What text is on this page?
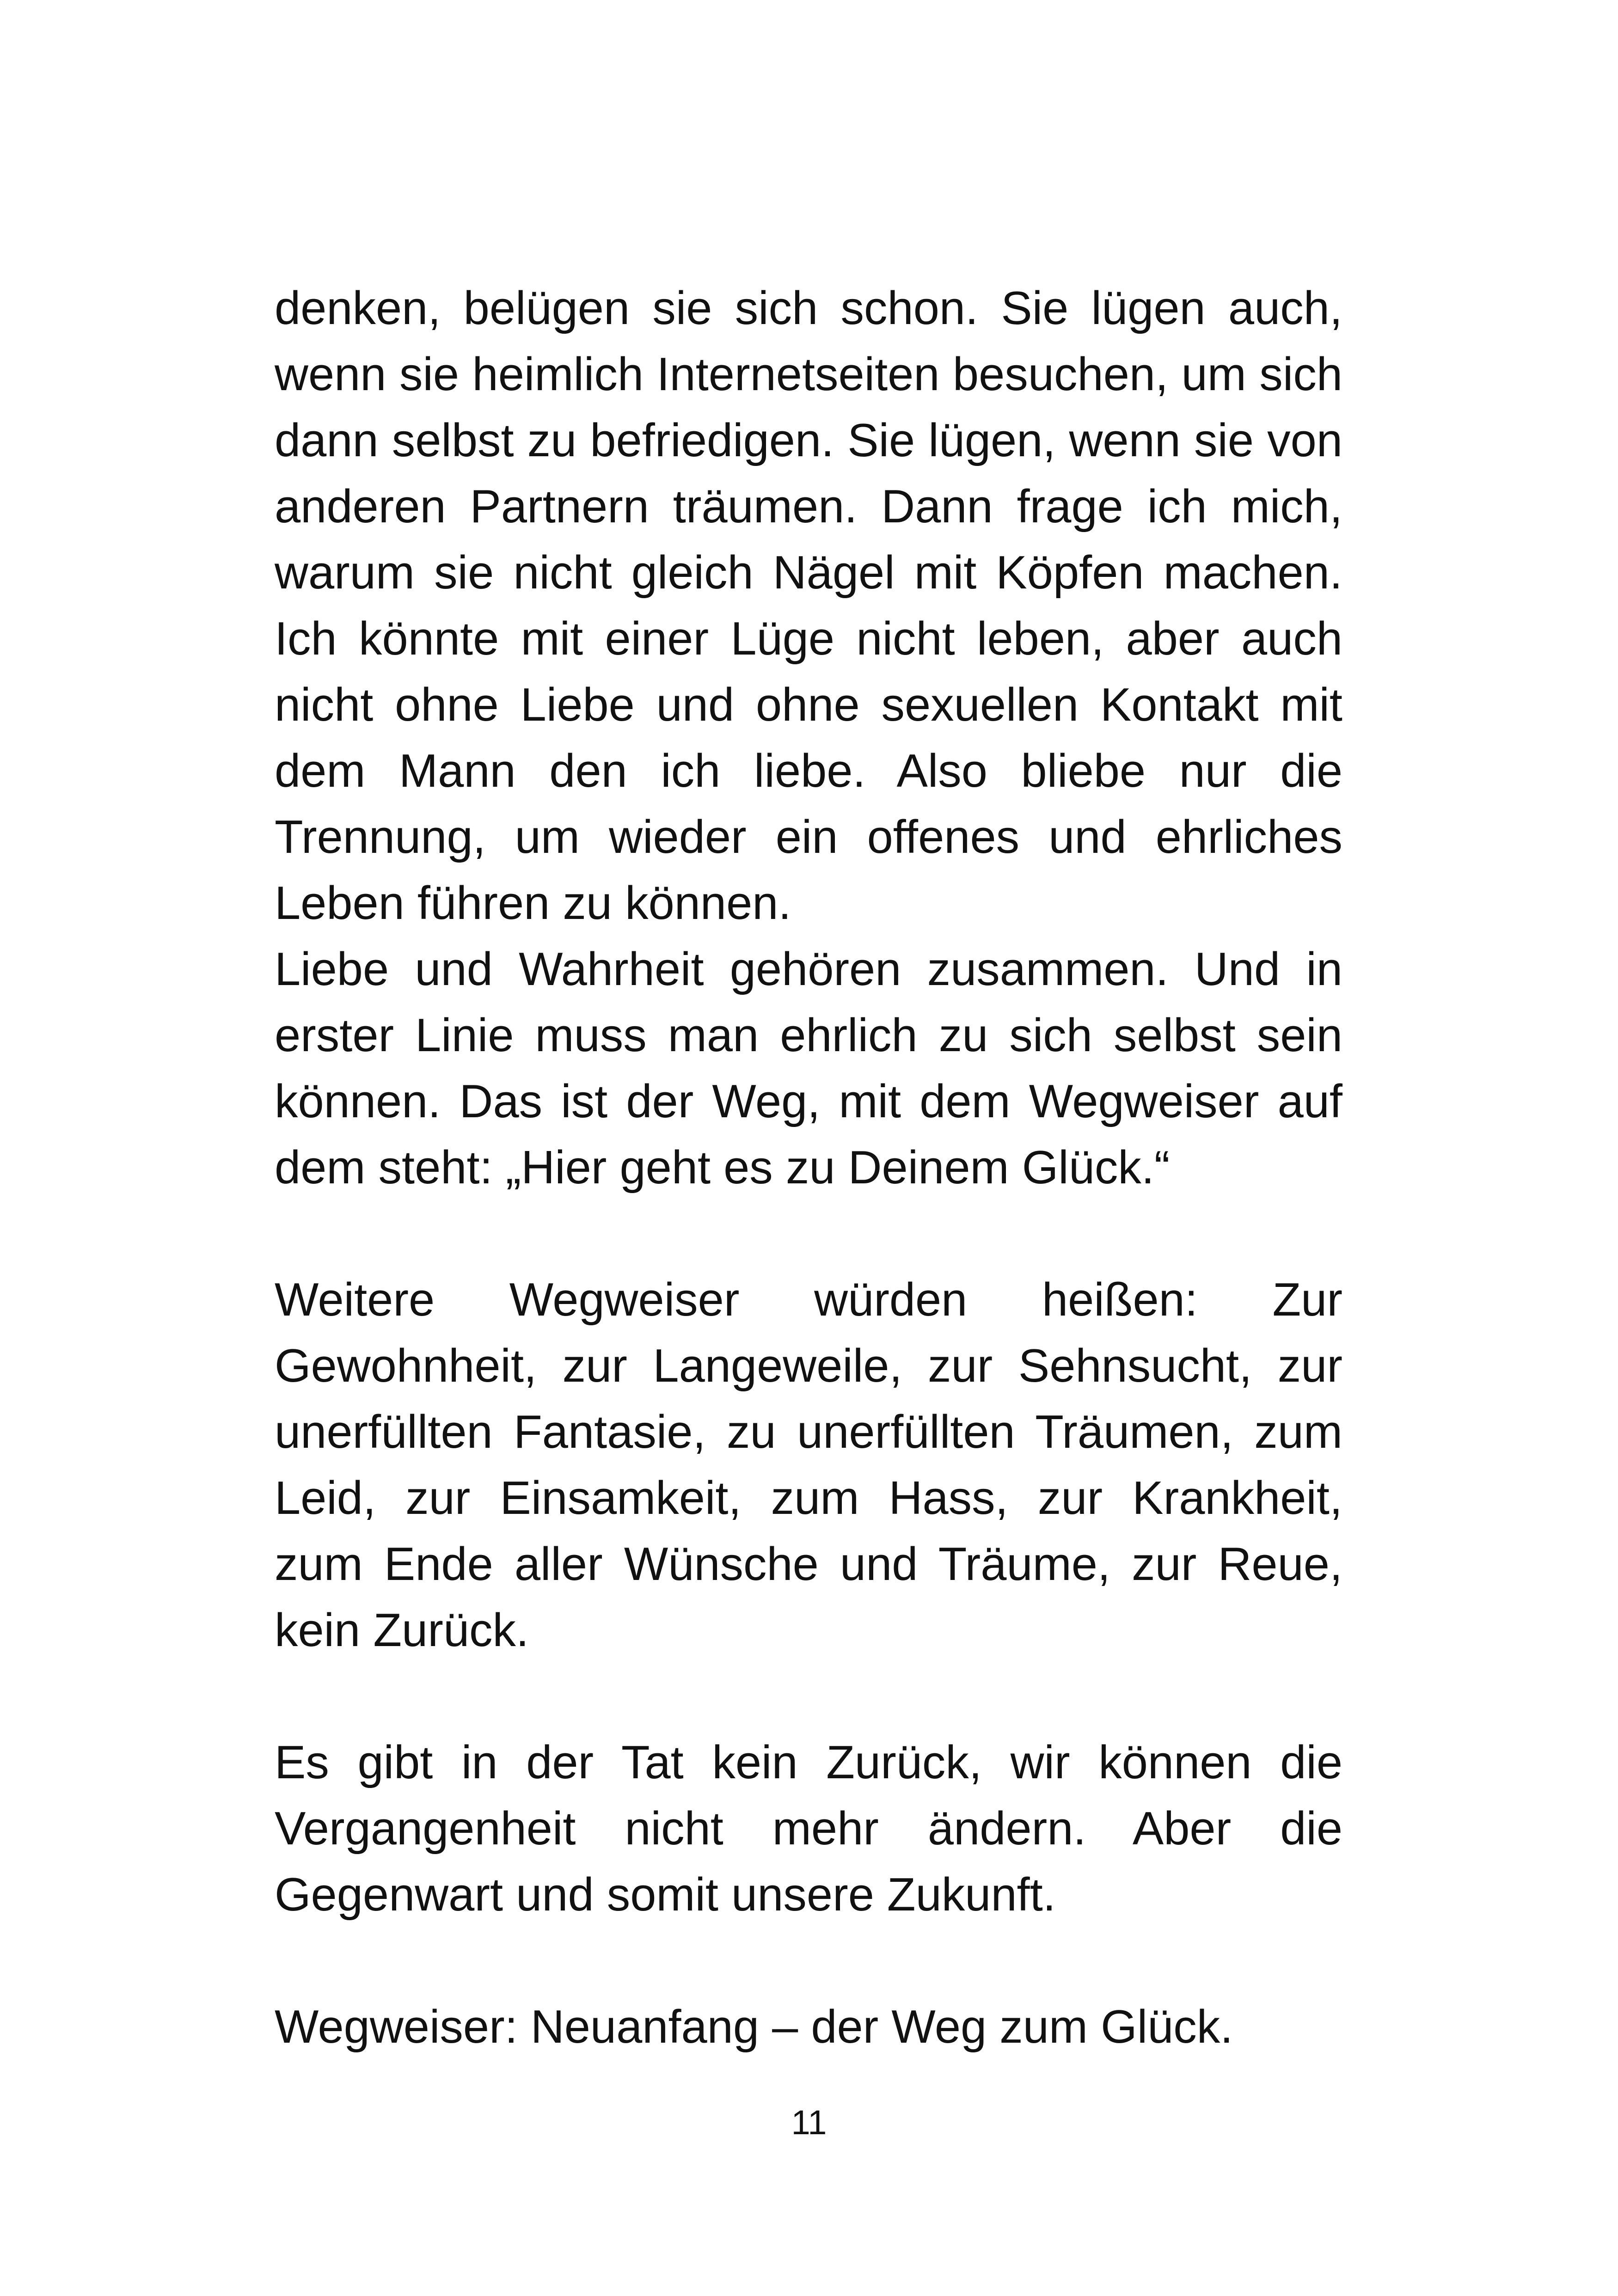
denken, belügen sie sich schon. Sie lügen auch, wenn sie heimlich Internetseiten besuchen, um sich dann selbst zu befriedigen. Sie lügen, wenn sie von anderen Partnern träumen. Dann frage ich mich, warum sie nicht gleich Nägel mit Köpfen machen. Ich könnte mit einer Lüge nicht leben, aber auch nicht ohne Liebe und ohne sexuellen Kontakt mit dem Mann den ich liebe. Also bliebe nur die Trennung, um wieder ein offenes und ehrliches Leben führen zu können.

Liebe und Wahrheit gehören zusammen. Und in erster Linie muss man ehrlich zu sich selbst sein können. Das ist der Weg, mit dem Wegweiser auf dem steht: „Hier geht es zu Deinem Glück.“

Weitere Wegweiser würden heißen: Zur Gewohnheit, zur Langeweile, zur Sehnsucht, zur unerfüllten Fantasie, zu unerfüllten Träumen, zum Leid, zur Einsamkeit, zum Hass, zur Krankheit, zum Ende aller Wünsche und Träume, zur Reue, kein Zurück.

Es gibt in der Tat kein Zurück, wir können die Vergangenheit nicht mehr ändern. Aber die Gegenwart und somit unsere Zukunft.

Wegweiser: Neuanfang – der Weg zum Glück.

11
